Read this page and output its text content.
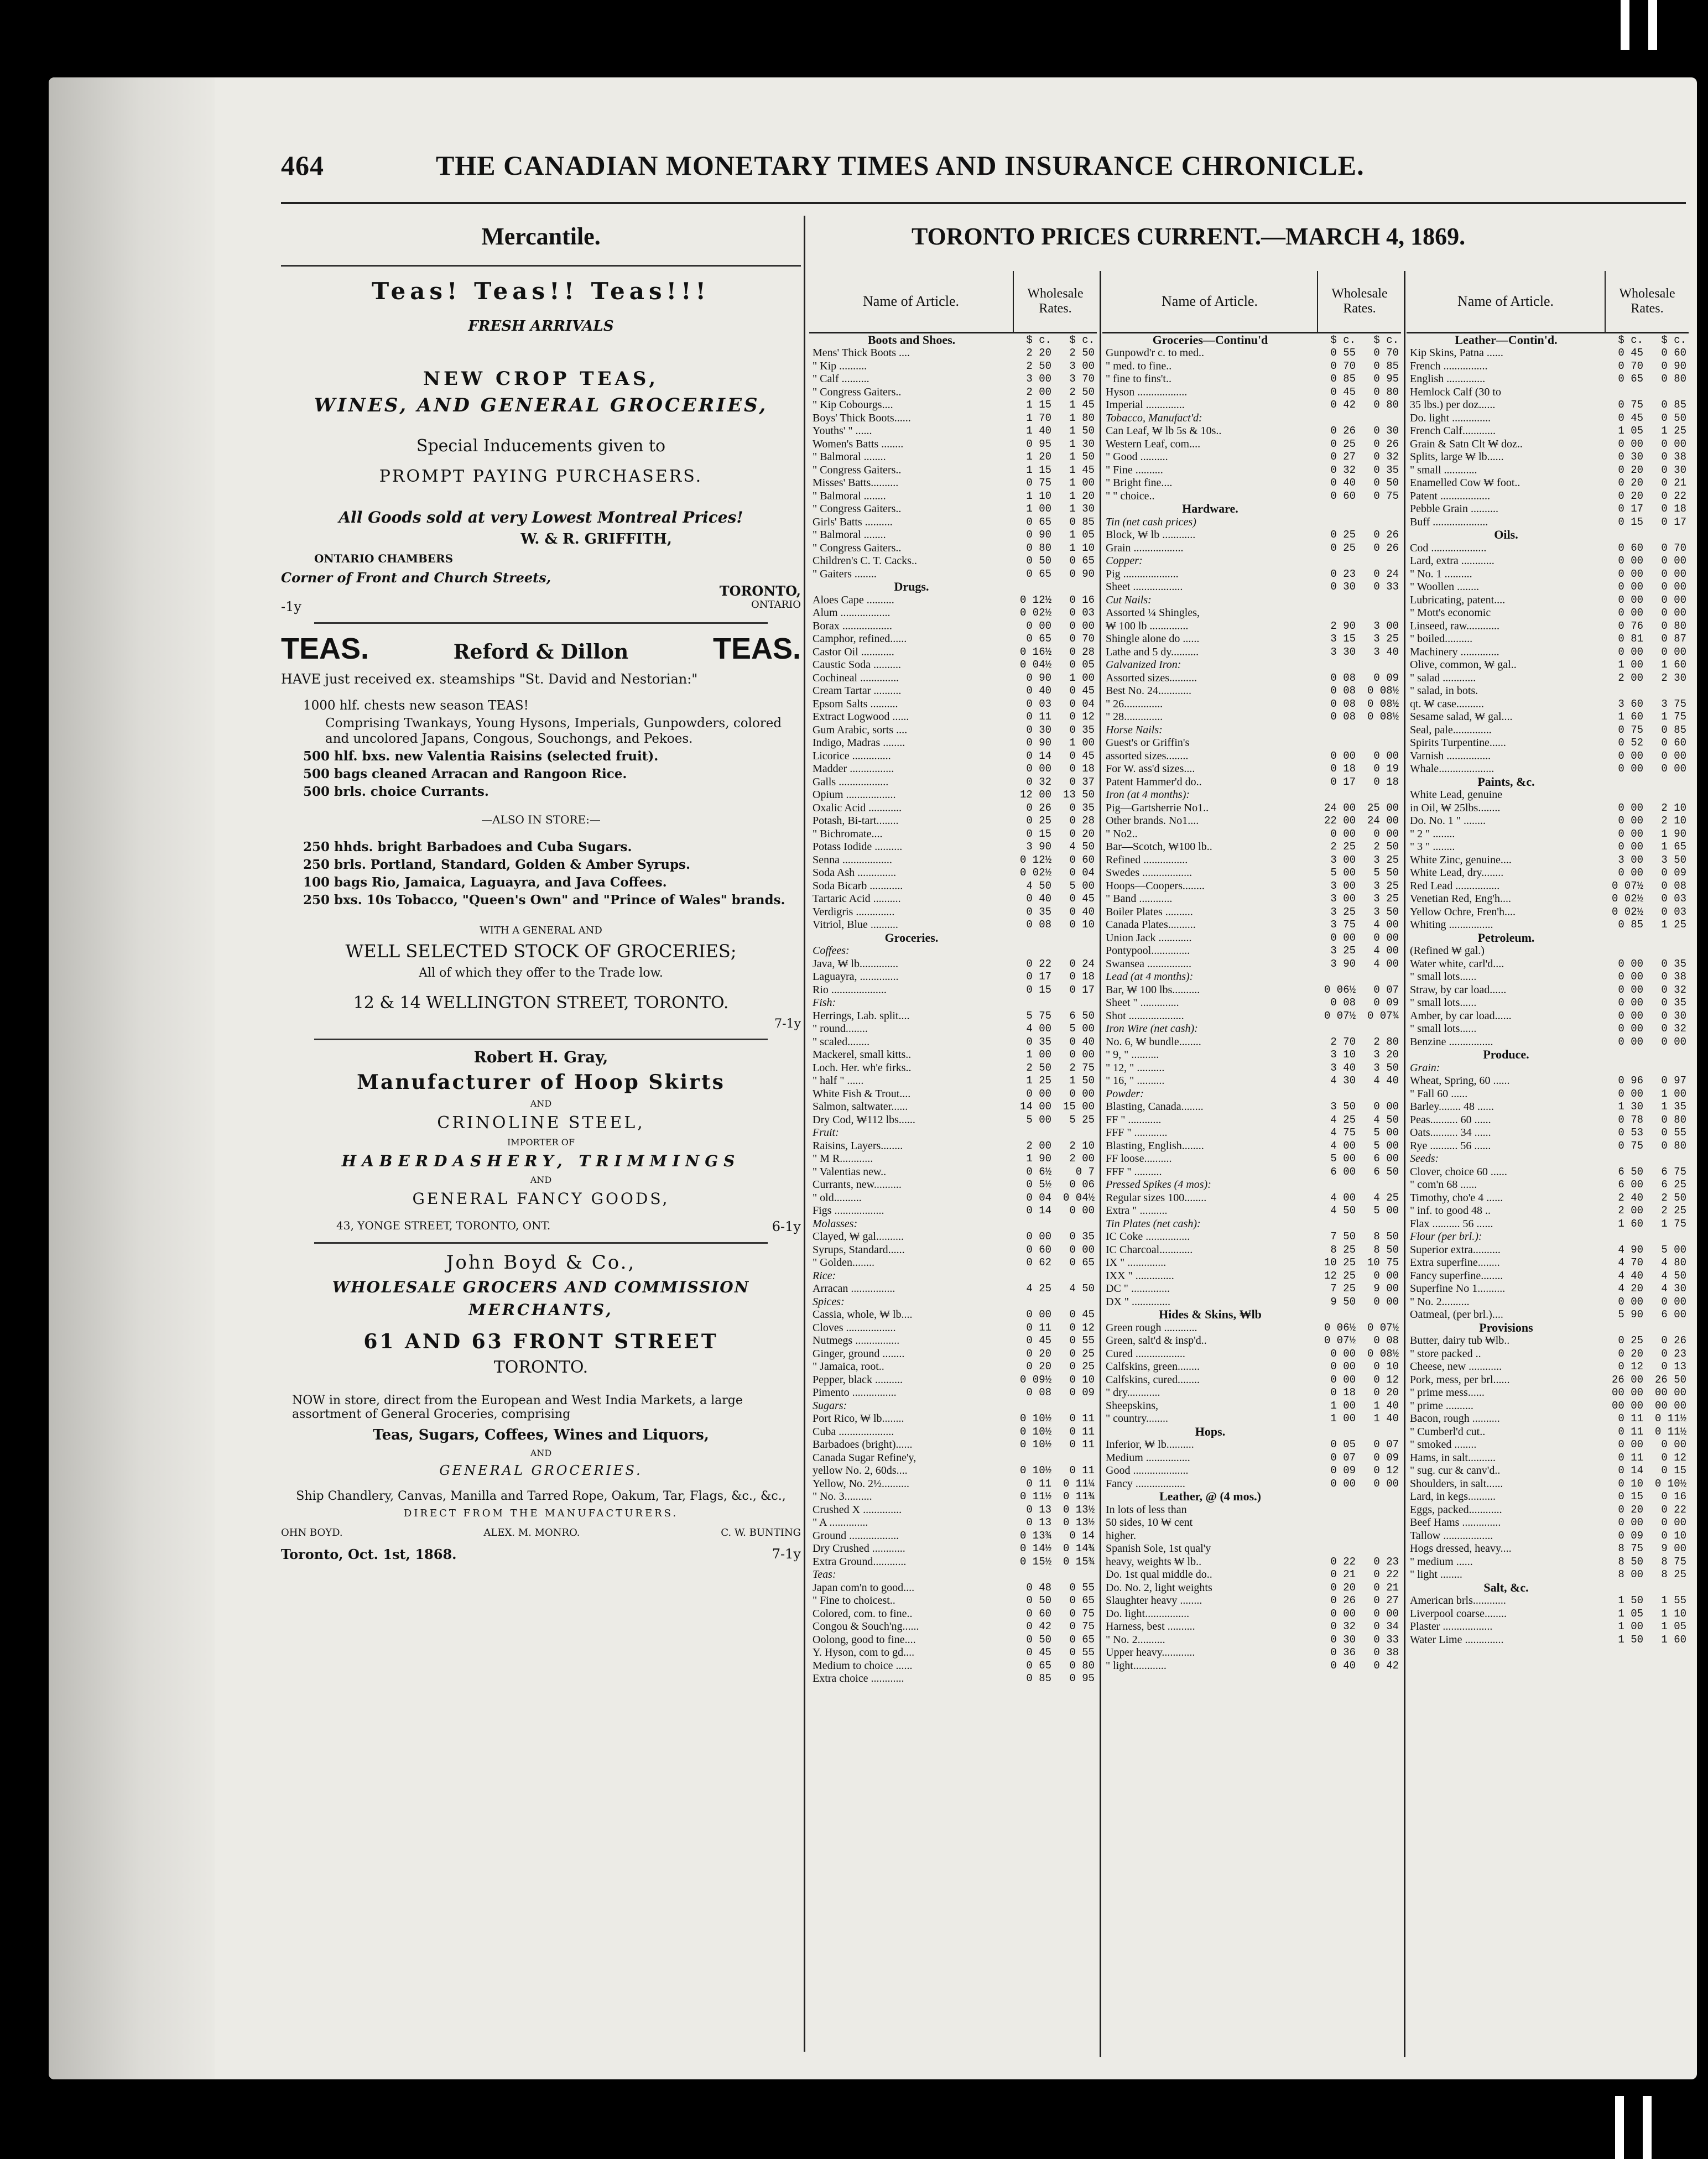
464	THE CANADIAN MONETARY TIMES AND INSURANCE CHRONICLE.

Mercantile.

Teas! Teas!! Teas!!!

FRESH ARRIVALS

NEW CROP TEAS,

WINES, AND GENERAL GROCERIES,

Special Inducements given to

PROMPT PAYING PURCHASERS.

All Goods sold at very Lowest Montreal Prices!

W. & R. GRIFFITH,

ONTARIO CHAMBERS

Corner of Front and Church Streets,
TORONTO,
-1y	ONTARIO
TEAS.	Reford & Dillon	TEAS.

HAVE just received ex. steamships "St. David and Nestorian:"

1000 hlf. chests new season TEAS!
Comprising Twankays, Young Hysons, Imperials, Gunpowders, colored and uncolored Japans, Congous, Souchongs, and Pekoes.
500 hlf. bxs. new Valentia Raisins (selected fruit).
500 bags cleaned Arracan and Rangoon Rice.
500 brls. choice Currants.

—ALSO IN STORE:—

250 hhds. bright Barbadoes and Cuba Sugars.
250 brls. Portland, Standard, Golden & Amber Syrups.
100 bags Rio, Jamaica, Laguayra, and Java Coffees.
250 bxs. 10s Tobacco, "Queen's Own" and "Prince of Wales" brands.

WITH A GENERAL AND

WELL SELECTED STOCK OF GROCERIES;

All of which they offer to the Trade low.

12 & 14 WELLINGTON STREET, TORONTO.

7-1y

Robert H. Gray,

Manufacturer of Hoop Skirts

AND

CRINOLINE STEEL,

IMPORTER OF

HABERDASHERY, TRIMMINGS

AND

GENERAL FANCY GOODS,

43, YONGE STREET, TORONTO, ONT.	6-1y

John Boyd & Co.,

WHOLESALE GROCERS AND COMMISSION

MERCHANTS,

61 AND 63 FRONT STREET

TORONTO.

NOW in store, direct from the European and West India Markets, a large assortment of General Groceries, comprising

Teas, Sugars, Coffees, Wines and Liquors,

AND

GENERAL GROCERIES.

Ship Chandlery, Canvas, Manilla and Tarred Rope, Oakum, Tar, Flags, &c., &c.,

DIRECT FROM THE MANUFACTURERS.

OHN BOYD.	ALEX. M. MONRO.	C. W. BUNTING
Toronto, Oct. 1st, 1868.	7-1y
TORONTO PRICES CURRENT.—MARCH 4, 1869.
Name of Article.	Wholesale Rates.
Boots and Shoes.	$ c.	$ c.
Mens' Thick Boots ....	2 20	2 50
" Kip ..........	2 50	3 00
" Calf ..........	3 00	3 70
" Congress Gaiters..	2 00	2 50
" Kip Cobourgs....	1 15	1 45
Boys' Thick Boots......	1 70	1 80
Youths' " ......	1 40	1 50
Women's Batts ........	0 95	1 30
" Balmoral ........	1 20	1 50
" Congress Gaiters..	1 15	1 45
Misses' Batts..........	0 75	1 00
" Balmoral ........	1 10	1 20
" Congress Gaiters..	1 00	1 30
Girls' Batts ..........	0 65	0 85
" Balmoral ........	0 90	1 05
" Congress Gaiters..	0 80	1 10
Children's C. T. Cacks..	0 50	0 65
" Gaiters ........	0 65	0 90
Drugs.
Aloes Cape ..........	0 12½	0 16
Alum ..................	0 02½	0 03
Borax ..................	0 00	0 00
Camphor, refined......	0 65	0 70
Castor Oil ............	0 16½	0 28
Caustic Soda ..........	0 04½	0 05
Cochineal ..............	0 90	1 00
Cream Tartar ..........	0 40	0 45
Epsom Salts ..........	0 03	0 04
Extract Logwood ......	0 11	0 12
Gum Arabic, sorts ....	0 30	0 35
Indigo, Madras ........	0 90	1 00
Licorice ..............	0 14	0 45
Madder ................	0 00	0 18
Galls ..................	0 32	0 37
Opium ..................	12 00	13 50
Oxalic Acid ............	0 26	0 35
Potash, Bi-tart........	0 25	0 28
" Bichromate....	0 15	0 20
Potass Iodide ..........	3 90	4 50
Senna ..................	0 12½	0 60
Soda Ash ..............	0 02½	0 04
Soda Bicarb ............	4 50	5 00
Tartaric Acid ..........	0 40	0 45
Verdigris ..............	0 35	0 40
Vitriol, Blue ..........	0 08	0 10
Groceries.
Coffees:
Java, ₩ lb..............	0 22	0 24
Laguayra, ..............	0 17	0 18
Rio ....................	0 15	0 17
Fish:
Herrings, Lab. split....	5 75	6 50
" round........	4 00	5 00
" scaled........	0 35	0 40
Mackerel, small kitts..	1 00	0 00
Loch. Her. wh'e firks..	2 50	2 75
" half " ......	1 25	1 50
White Fish & Trout....	0 00	0 00
Salmon, saltwater......	14 00	15 00
Dry Cod, ₩112 lbs......	5 00	5 25
Fruit:
Raisins, Layers........	2 00	2 10
" M R............	1 90	2 00
" Valentias new..	0 6½	0 7
Currants, new..........	0 5½	0 06
" old..........	0 04	0 04½
Figs ..................	0 14	0 00
Molasses:
Clayed, ₩ gal..........	0 00	0 35
Syrups, Standard......	0 60	0 00
" Golden........	0 62	0 65
Rice:
Arracan ................	4 25	4 50
Spices:
Cassia, whole, ₩ lb....	0 00	0 45
Cloves ..................	0 11	0 12
Nutmegs ................	0 45	0 55
Ginger, ground ........	0 20	0 25
" Jamaica, root..	0 20	0 25
Pepper, black ..........	0 09½	0 10
Pimento ................	0 08	0 09
Sugars:
Port Rico, ₩ lb........	0 10½	0 11
Cuba ....................	0 10½	0 11
Barbadoes (bright)......	0 10½	0 11
Canada Sugar Refine'y,
yellow No. 2, 60ds....	0 10½	0 11
Yellow, No. 2½..........	0 11	0 11¼
" No. 3..........	0 11½	0 11¾
Crushed X ..............	0 13	0 13½
" A ..............	0 13	0 13½
Ground ..................	0 13¾	0 14
Dry Crushed ............	0 14½	0 14¾
Extra Ground............	0 15½	0 15¾
Teas:
Japan com'n to good....	0 48	0 55
" Fine to choicest..	0 50	0 65
Colored, com. to fine..	0 60	0 75
Congou & Souch'ng......	0 42	0 75
Oolong, good to fine....	0 50	0 65
Y. Hyson, com to gd....	0 45	0 55
Medium to choice ......	0 65	0 80
Extra choice ............	0 85	0 95
Name of Article.	Wholesale Rates.
Groceries—Continu'd	$ c.	$ c.
Gunpowd'r c. to med..	0 55	0 70
" med. to fine..	0 70	0 85
" fine to fins't..	0 85	0 95
Hyson ..................	0 45	0 80
Imperial ..............	0 42	0 80
Tobacco, Manufact'd:
Can Leaf, ₩ lb 5s & 10s..	0 26	0 30
Western Leaf, com....	0 25	0 26
" Good ..........	0 27	0 32
" Fine ..........	0 32	0 35
" Bright fine....	0 40	0 50
" " choice..	0 60	0 75
Hardware.
Tin (net cash prices)
Block, ₩ lb ............	0 25	0 26
Grain ..................	0 25	0 26
Copper:
Pig ....................	0 23	0 24
Sheet ..................	0 30	0 33
Cut Nails:
Assorted ¼ Shingles,
₩ 100 lb ..............	2 90	3 00
Shingle alone do ......	3 15	3 25
Lathe and 5 dy..........	3 30	3 40
Galvanized Iron:
Assorted sizes..........	0 08	0 09
Best No. 24............	0 08	0 08½
" 26..............	0 08	0 08½
" 28..............	0 08	0 08½
Horse Nails:
Guest's or Griffin's
assorted sizes........	0 00	0 00
For W. ass'd sizes....	0 18	0 19
Patent Hammer'd do..	0 17	0 18
Iron (at 4 months):
Pig—Gartsherrie No1..	24 00	25 00
Other brands. No1....	22 00	24 00
" No2..	0 00	0 00
Bar—Scotch, ₩100 lb..	2 25	2 50
Refined ................	3 00	3 25
Swedes ..................	5 00	5 50
Hoops—Coopers........	3 00	3 25
" Band ............	3 00	3 25
Boiler Plates ..........	3 25	3 50
Canada Plates..........	3 75	4 00
Union Jack ............	0 00	0 00
Pontypool..............	3 25	4 00
Swansea ................	3 90	4 00
Lead (at 4 months):
Bar, ₩ 100 lbs..........	0 06½	0 07
Sheet " ..............	0 08	0 09
Shot ....................	0 07½	0 07¾
Iron Wire (net cash):
No. 6, ₩ bundle........	2 70	2 80
" 9, " ..........	3 10	3 20
" 12, " ..........	3 40	3 50
" 16, " ..........	4 30	4 40
Powder:
Blasting, Canada........	3 50	0 00
FF " ............	4 25	4 50
FFF " ............	4 75	5 00
Blasting, English........	4 00	5 00
FF loose..........	5 00	6 00
FFF " ..........	6 00	6 50
Pressed Spikes (4 mos):
Regular sizes 100........	4 00	4 25
Extra " ..........	4 50	5 00
Tin Plates (net cash):
IC Coke ................	7 50	8 50
IC Charcoal............	8 25	8 50
IX " ..............	10 25	10 75
IXX " ..............	12 25	0 00
DC " ..............	7 25	9 00
DX " ..............	9 50	0 00
Hides & Skins, ₩lb
Green rough ............	0 06½	0 07½
Green, salt'd & insp'd..	0 07½	0 08
Cured ..................	0 00	0 08½
Calfskins, green........	0 00	0 10
Calfskins, cured........	0 00	0 12
" dry............	0 18	0 20
Sheepskins,	1 00	1 40
" country........	1 00	1 40
Hops.
Inferior, ₩ lb..........	0 05	0 07
Medium ................	0 07	0 09
Good ....................	0 09	0 12
Fancy ..................	0 00	0 00
Leather, @ (4 mos.)
In lots of less than
50 sides, 10 ₩ cent
higher.
Spanish Sole, 1st qual'y
heavy, weights ₩ lb..	0 22	0 23
Do. 1st qual middle do..	0 21	0 22
Do. No. 2, light weights	0 20	0 21
Slaughter heavy ........	0 26	0 27
Do. light................	0 00	0 00
Harness, best ..........	0 32	0 34
" No. 2..........	0 30	0 33
Upper heavy............	0 36	0 38
" light............	0 40	0 42
Name of Article.	Wholesale Rates.
Leather—Contin'd.	$ c.	$ c.
Kip Skins, Patna ......	0 45	0 60
French ................	0 70	0 90
English ..............	0 65	0 80
Hemlock Calf (30 to
35 lbs.) per doz......	0 75	0 85
Do. light ..............	0 45	0 50
French Calf............	1 05	1 25
Grain & Satn Clt ₩ doz..	0 00	0 00
Splits, large ₩ lb......	0 30	0 38
" small ............	0 20	0 30
Enamelled Cow ₩ foot..	0 20	0 21
Patent ..................	0 20	0 22
Pebble Grain ..........	0 17	0 18
Buff ....................	0 15	0 17
Oils.
Cod ....................	0 60	0 70
Lard, extra ............	0 00	0 00
" No. 1 ..........	0 00	0 00
" Woollen ........	0 00	0 00
Lubricating, patent....	0 00	0 00
" Mott's economic	0 00	0 00
Linseed, raw............	0 76	0 80
" boiled..........	0 81	0 87
Machinery ..............	0 00	0 00
Olive, common, ₩ gal..	1 00	1 60
" salad ............	2 00	2 30
" salad, in bots.
qt. ₩ case..........	3 60	3 75
Sesame salad, ₩ gal....	1 60	1 75
Seal, pale..............	0 75	0 85
Spirits Turpentine......	0 52	0 60
Varnish ................	0 00	0 00
Whale....................	0 00	0 00
Paints, &c.
White Lead, genuine
in Oil, ₩ 25lbs........	0 00	2 10
Do. No. 1 " ........	0 00	2 10
" 2 " ........	0 00	1 90
" 3 " ........	0 00	1 65
White Zinc, genuine....	3 00	3 50
White Lead, dry........	0 00	0 09
Red Lead ................	0 07½	0 08
Venetian Red, Eng'h....	0 02½	0 03
Yellow Ochre, Fren'h....	0 02½	0 03
Whiting ................	0 85	1 25
Petroleum.
(Refined ₩ gal.)
Water white, carl'd....	0 00	0 35
" small lots......	0 00	0 38
Straw, by car load......	0 00	0 32
" small lots......	0 00	0 35
Amber, by car load......	0 00	0 30
" small lots......	0 00	0 32
Benzine ................	0 00	0 00
Produce.
Grain:
Wheat, Spring, 60 ......	0 96	0 97
" Fall 60 ......	0 00	1 00
Barley........ 48 ......	1 30	1 35
Peas.......... 60 ......	0 78	0 80
Oats.......... 34 ......	0 53	0 55
Rye .......... 56 ......	0 75	0 80
Seeds:
Clover, choice 60 ......	6 50	6 75
" com'n 68 ......	6 00	6 25
Timothy, cho'e 4 ......	2 40	2 50
" inf. to good 48 ..	2 00	2 25
Flax .......... 56 ......	1 60	1 75
Flour (per brl.):
Superior extra..........	4 90	5 00
Extra superfine........	4 70	4 80
Fancy superfine........	4 40	4 50
Superfine No 1..........	4 20	4 30
" No. 2..........	0 00	0 00
Oatmeal, (per brl.)....	5 90	6 00
Provisions
Butter, dairy tub ₩lb..	0 25	0 26
" store packed ..	0 20	0 23
Cheese, new ............	0 12	0 13
Pork, mess, per brl......	26 00	26 50
" prime mess......	00 00	00 00
" prime ..........	00 00	00 00
Bacon, rough ..........	0 11	0 11½
" Cumberl'd cut..	0 11	0 11½
" smoked ........	0 00	0 00
Hams, in salt..........	0 11	0 12
" sug. cur & canv'd..	0 14	0 15
Shoulders, in salt......	0 10	0 10½
Lard, in kegs..........	0 15	0 16
Eggs, packed............	0 20	0 22
Beef Hams ..............	0 00	0 00
Tallow ..................	0 09	0 10
Hogs dressed, heavy....	8 75	9 00
" medium ......	8 50	8 75
" light ........	8 00	8 25
Salt, &c.
American brls............	1 50	1 55
Liverpool coarse........	1 05	1 10
Plaster ..................	1 00	1 05
Water Lime ..............	1 50	1 60
